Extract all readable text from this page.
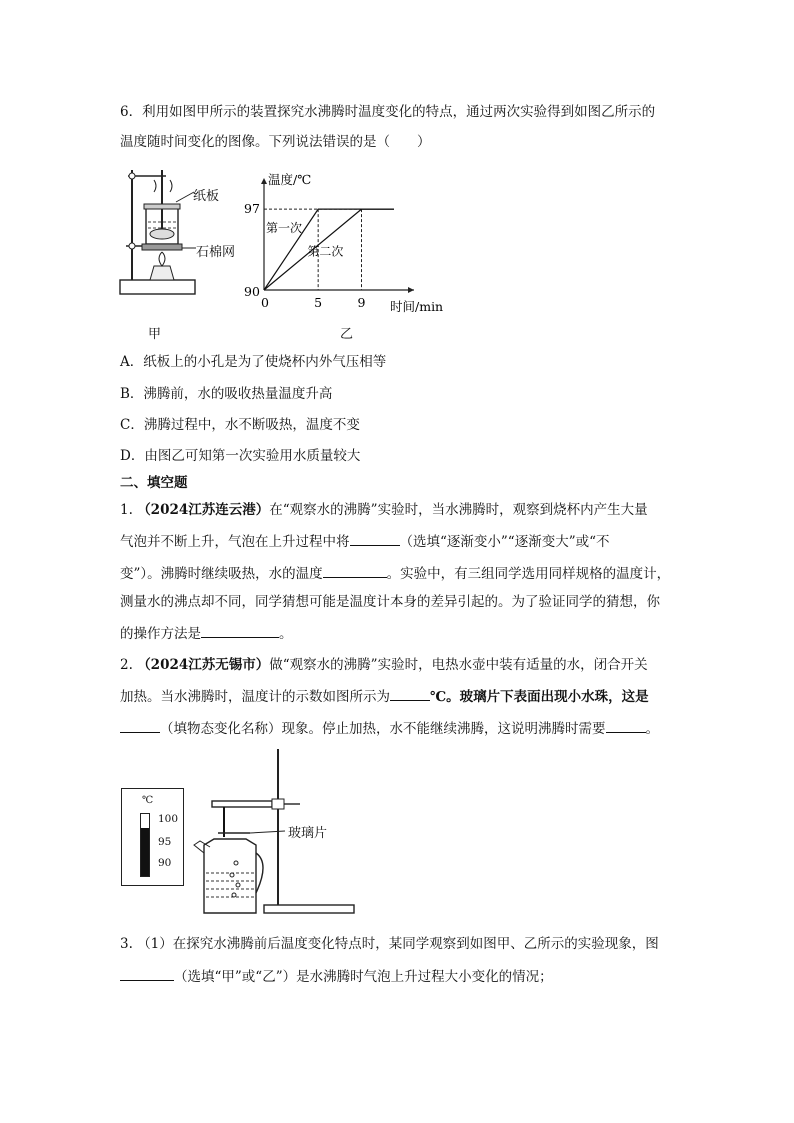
6．利用如图甲所示的装置探究水沸腾时温度变化的特点，通过两次实验得到如图乙所示的
温度随时间变化的图像。下列说法错误的是（　　）
纸板
石棉网
甲
温度/℃
时间/min
97
90
0	5	9
第一次
第二次
乙
A．纸板上的小孔是为了使烧杯内外气压相等
B．沸腾前，水的吸收热量温度升高
C．沸腾过程中，水不断吸热，温度不变
D．由图乙可知第一次实验用水质量较大
二、填空题
1. （2024江苏连云港）在“观察水的沸腾”实验时，当水沸腾时，观察到烧杯内产生大量
气泡并不断上升，气泡在上升过程中将	（选填“逐渐变小”“逐渐变大”或“不
变”）。沸腾时继续吸热，水的温度	。实验中，有三组同学选用同样规格的温度计，
测量水的沸点却不同，同学猜想可能是温度计本身的差异引起的。为了验证同学的猜想，你
的操作方法是	。
2. （2024江苏无锡市）做“观察水的沸腾”实验时，电热水壶中装有适量的水，闭合开关
加热。当水沸腾时，温度计的示数如图所示为	℃。玻璃片下表面出现小水珠，这是
（填物态变化名称）现象。停止加热，水不能继续沸腾，这说明沸腾时需要	。
℃
100
95
90
玻璃片
3. （1）在探究水沸腾前后温度变化特点时，某同学观察到如图甲、乙所示的实验现象，图
（选填“甲”或“乙”）是水沸腾时气泡上升过程大小变化的情况；
